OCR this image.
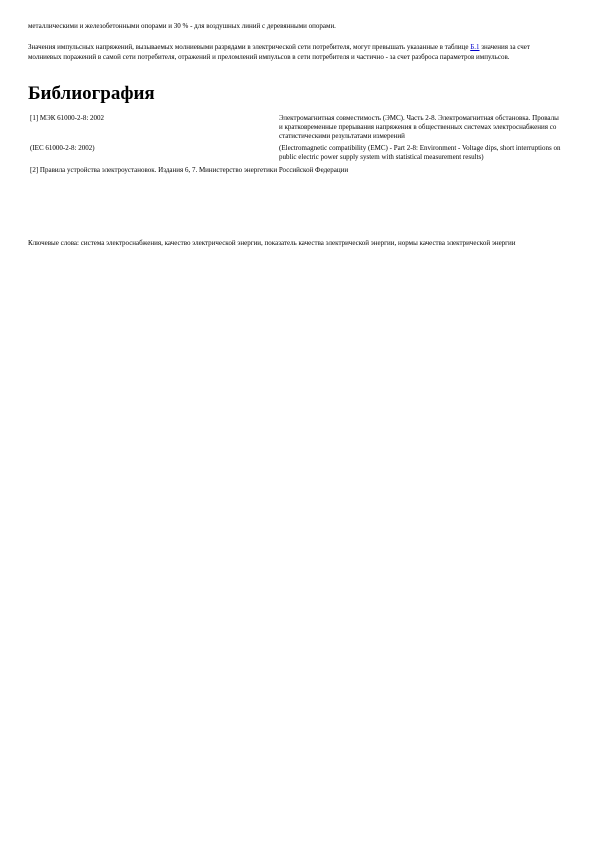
металлическими и железобетонными опорами и 30 % - для воздушных линий с деревянными опорами.

Значения импульсных напряжений, вызываемых молниевыми разрядами в электрической сети потребителя, могут превышать указанные в таблице Б.1 значения за счет молниевых поражений в самой сети потребителя, отражений и преломлений импульсов в сети потребителя и частично - за счет разброса параметров импульсов.

Библиография
[1] МЭК 61000-2-8: 2002		Электромагнитная совместимость (ЭМС). Часть 2-8. Электромагнитная обстановка. Провалы и кратковременные прерывания напряжения в общественных системах электроснабжения со статистическими результатами измерений
(IEC 61000-2-8: 2002)		(Electromagnetic compatibility (EMC) - Part 2-8: Environment - Voltage dips, short interruptions on public electric power supply system with statistical measurement results)
[2] Правила устройства электроустановок. Издания 6, 7. Министерство энергетики Российской Федерации		

Ключевые слова: система электроснабжения, качество электрической энергии, показатель качества электрической энергии, нормы качества электрической энергии
